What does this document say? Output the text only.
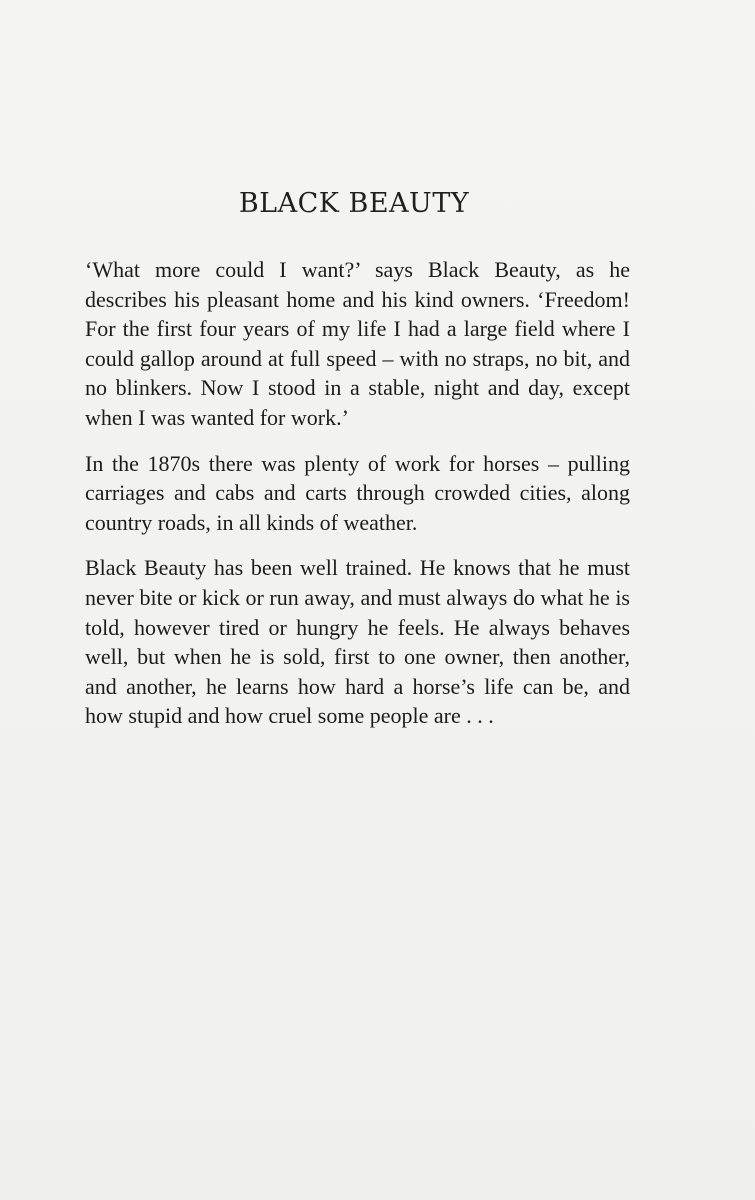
BLACK BEAUTY

‘What more could I want?’ says Black Beauty, as he describes his pleasant home and his kind owners. ‘Freedom! For the first four years of my life I had a large field where I could gallop around at full speed – with no straps, no bit, and no blinkers. Now I stood in a stable, night and day, except when I was wanted for work.’

In the 1870s there was plenty of work for horses – pulling carriages and cabs and carts through crowded cities, along country roads, in all kinds of weather.

Black Beauty has been well trained. He knows that he must never bite or kick or run away, and must always do what he is told, however tired or hungry he feels. He always behaves well, but when he is sold, first to one owner, then another, and another, he learns how hard a horse’s life can be, and how stupid and how cruel some people are . . .
